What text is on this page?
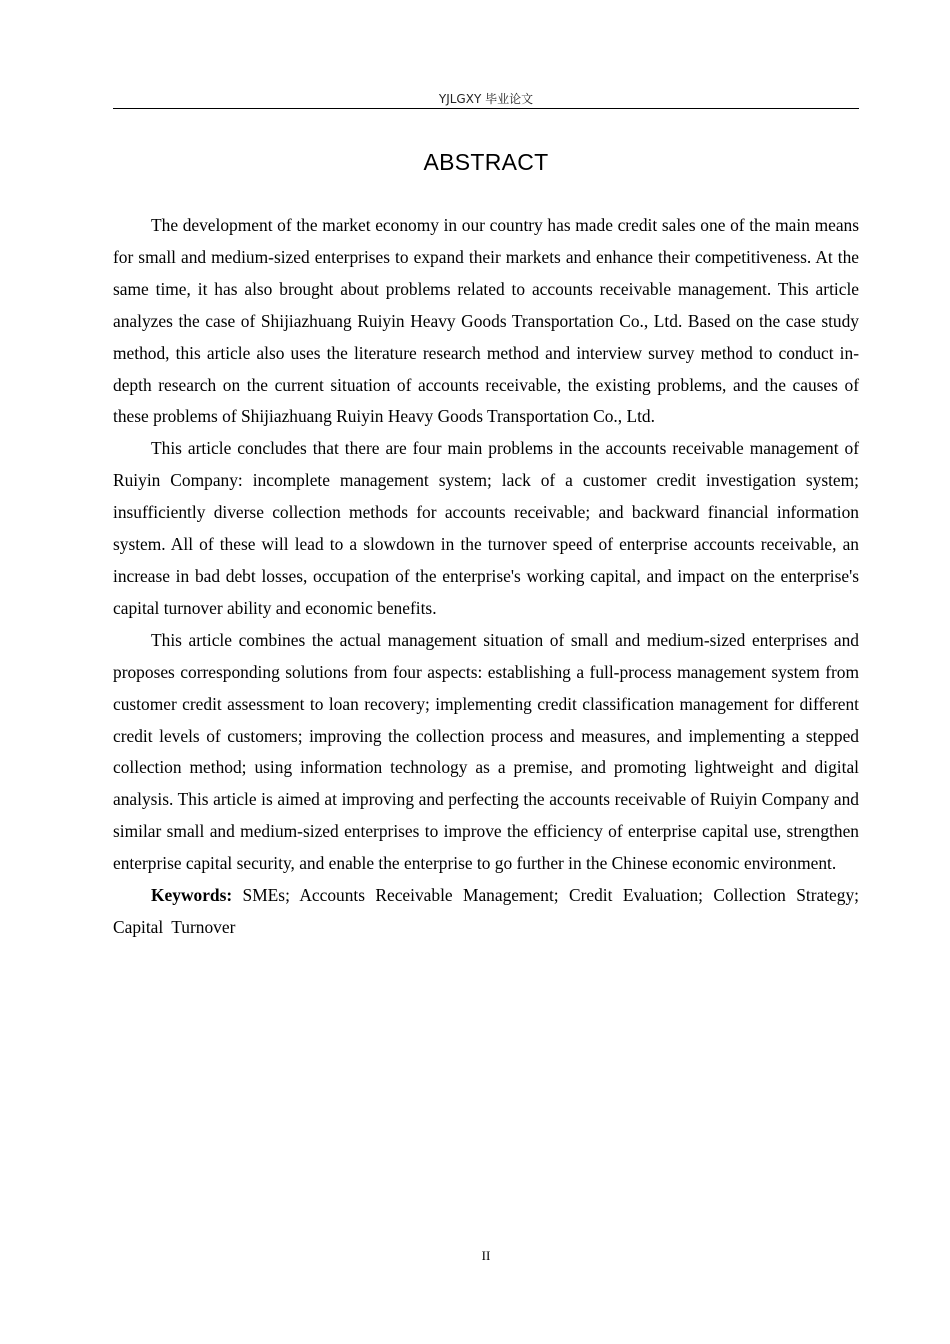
YJLGXY 毕业论文
ABSTRACT

The development of the market economy in our country has made credit sales one of the main means for small and medium-sized enterprises to expand their markets and enhance their competitiveness. At the same time, it has also brought about problems related to accounts receivable management. This article analyzes the case of Shijiazhuang Ruiyin Heavy Goods Transportation Co., Ltd. Based on the case study method, this article also uses the literature research method and interview survey method to conduct in-depth research on the current situation of accounts receivable, the existing problems, and the causes of these problems of Shijiazhuang Ruiyin Heavy Goods Transportation Co., Ltd.

This article concludes that there are four main problems in the accounts receivable management of Ruiyin Company: incomplete management system; lack of a customer credit investigation system; insufficiently diverse collection methods for accounts receivable; and backward financial information system. All of these will lead to a slowdown in the turnover speed of enterprise accounts receivable, an increase in bad debt losses, occupation of the enterprise's working capital, and impact on the enterprise's capital turnover ability and economic benefits.

This article combines the actual management situation of small and medium-sized enterprises and proposes corresponding solutions from four aspects: establishing a full-process management system from customer credit assessment to loan recovery; implementing credit classification management for different credit levels of customers; improving the collection process and measures, and implementing a stepped collection method; using information technology as a premise, and promoting lightweight and digital analysis. This article is aimed at improving and perfecting the accounts receivable of Ruiyin Company and similar small and medium-sized enterprises to improve the efficiency of enterprise capital use, strengthen enterprise capital security, and enable the enterprise to go further in the Chinese economic environment.

Keywords: SMEs; Accounts Receivable Management; Credit Evaluation; Collection Strategy; Capital Turnover

II
